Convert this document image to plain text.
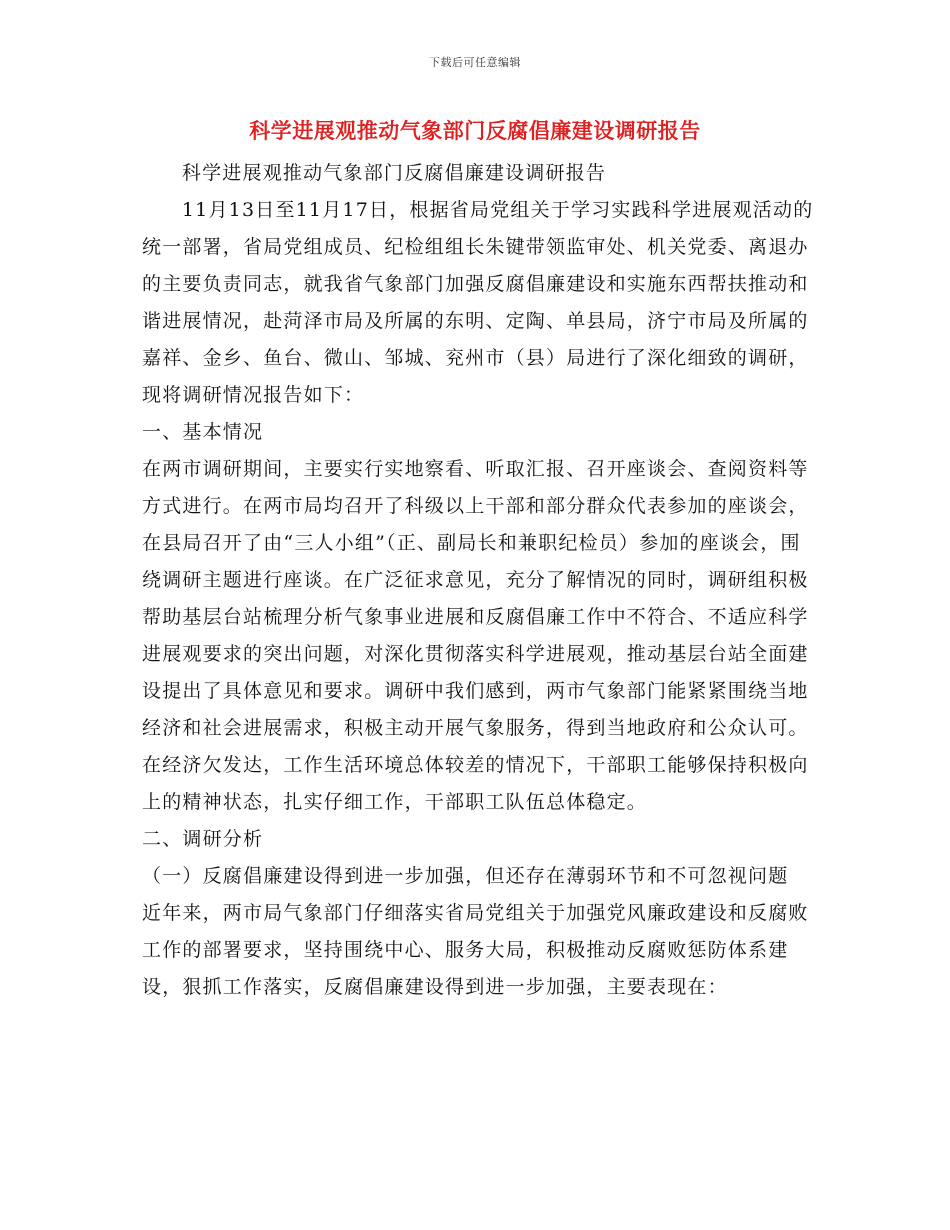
下载后可任意编辑
科学进展观推动气象部门反腐倡廉建设调研报告

科学进展观推动气象部门反腐倡廉建设调研报告

11月13日至11月17日，根据省局党组关于学习实践科学进展观活动的统一部署，省局党组成员、纪检组组长朱键带领监审处、机关党委、离退办的主要负责同志，就我省气象部门加强反腐倡廉建设和实施东西帮扶推动和谐进展情况，赴菏泽市局及所属的东明、定陶、单县局，济宁市局及所属的嘉祥、金乡、鱼台、微山、邹城、兖州市（县）局进行了深化细致的调研，现将调研情况报告如下：

一、基本情况

在两市调研期间，主要实行实地察看、听取汇报、召开座谈会、查阅资料等方式进行。在两市局均召开了科级以上干部和部分群众代表参加的座谈会，在县局召开了由“三人小组”（正、副局长和兼职纪检员）参加的座谈会，围绕调研主题进行座谈。在广泛征求意见，充分了解情况的同时，调研组积极帮助基层台站梳理分析气象事业进展和反腐倡廉工作中不符合、不适应科学进展观要求的突出问题，对深化贯彻落实科学进展观，推动基层台站全面建设提出了具体意见和要求。调研中我们感到，两市气象部门能紧紧围绕当地经济和社会进展需求，积极主动开展气象服务，得到当地政府和公众认可。在经济欠发达，工作生活环境总体较差的情况下，干部职工能够保持积极向上的精神状态，扎实仔细工作，干部职工队伍总体稳定。

二、调研分析

（一）反腐倡廉建设得到进一步加强，但还存在薄弱环节和不可忽视问题

近年来，两市局气象部门仔细落实省局党组关于加强党风廉政建设和反腐败工作的部署要求，坚持围绕中心、服务大局，积极推动反腐败惩防体系建设，狠抓工作落实，反腐倡廉建设得到进一步加强，主要表现在：
